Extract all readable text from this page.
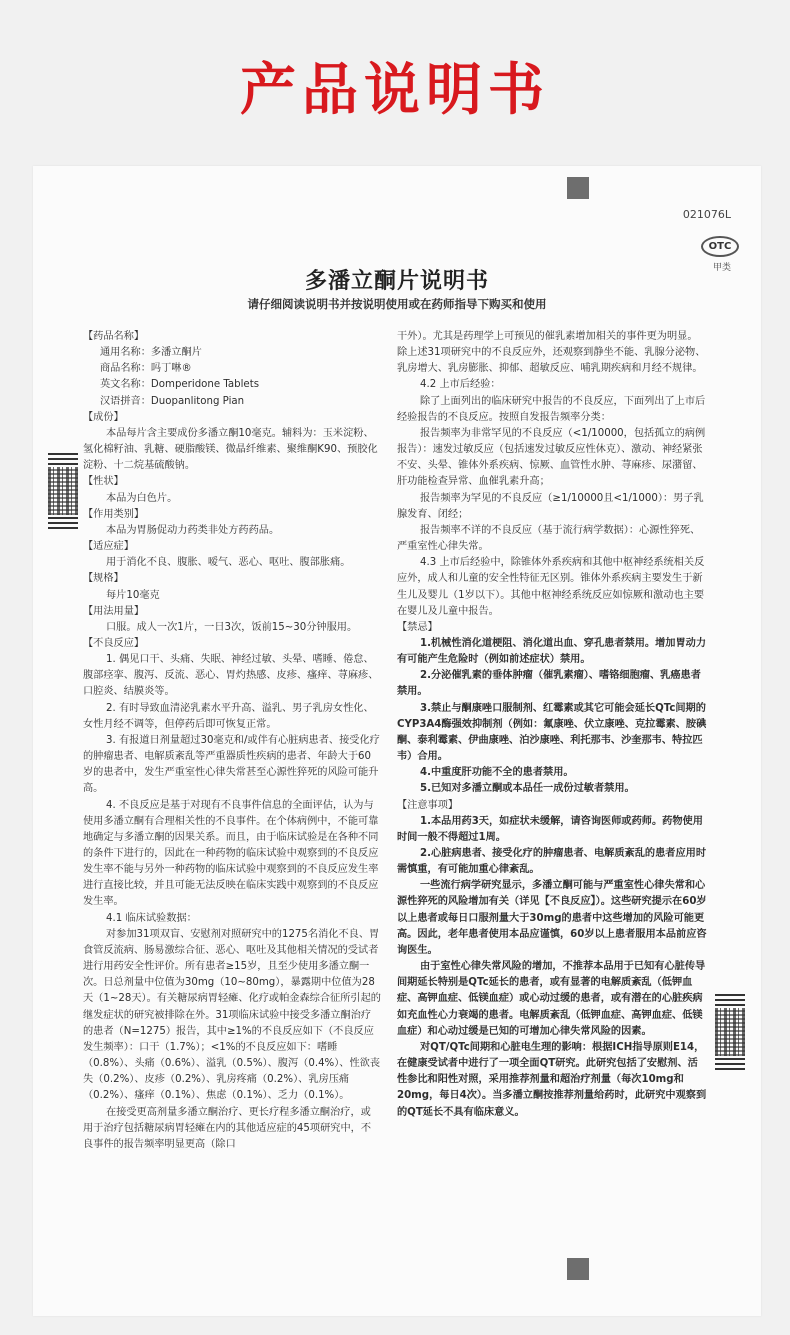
产品说明书
021076L
OTC
甲类
多潘立酮片说明书
请仔细阅读说明书并按说明使用或在药师指导下购买和使用

【药品名称】

通用名称：多潘立酮片

商品名称：吗丁啉®

英文名称：Domperidone Tablets

汉语拼音：Duopanlitong Pian

【成份】

本品每片含主要成份多潘立酮10毫克。辅料为：玉米淀粉、氢化棉籽油、乳糖、硬脂酸镁、微晶纤维素、聚维酮K90、预胶化淀粉、十二烷基硫酸钠。

【性状】

本品为白色片。

【作用类别】

本品为胃肠促动力药类非处方药药品。

【适应症】

用于消化不良、腹胀、嗳气、恶心、呕吐、腹部胀痛。

【规格】

每片10毫克

【用法用量】

口服。成人一次1片，一日3次，饭前15~30分钟服用。

【不良反应】

1. 偶见口干、头痛、失眠、神经过敏、头晕、嗜睡、倦怠、腹部痉挛、腹泻、反流、恶心、胃灼热感、皮疹、瘙痒、荨麻疹、口腔炎、结膜炎等。

2. 有时导致血清泌乳素水平升高、溢乳、男子乳房女性化、女性月经不调等，但停药后即可恢复正常。

3. 有报道日剂量超过30毫克和/或伴有心脏病患者、接受化疗的肿瘤患者、电解质紊乱等严重器质性疾病的患者、年龄大于60岁的患者中，发生严重室性心律失常甚至心源性猝死的风险可能升高。

4. 不良反应是基于对现有不良事件信息的全面评估，认为与使用多潘立酮有合理相关性的不良事件。在个体病例中，不能可靠地确定与多潘立酮的因果关系。而且，由于临床试验是在各种不同的条件下进行的，因此在一种药物的临床试验中观察到的不良反应发生率不能与另外一种药物的临床试验中观察到的不良反应发生率进行直接比较，并且可能无法反映在临床实践中观察到的不良反应发生率。

4.1 临床试验数据：

对参加31项双盲、安慰剂对照研究中的1275名消化不良、胃食管反流病、肠易激综合征、恶心、呕吐及其他相关情况的受试者进行用药安全性评价。所有患者≥15岁，且至少使用多潘立酮一次。日总剂量中位值为30mg（10~80mg），暴露期中位值为28天（1~28天）。有关糖尿病胃轻瘫、化疗或帕金森综合征所引起的继发症状的研究被排除在外。31项临床试验中接受多潘立酮治疗的患者（N=1275）报告，其中≥1%的不良反应如下（不良反应发生频率）：口干（1.7%）；<1%的不良反应如下：嗜睡（0.8%）、头痛（0.6%）、溢乳（0.5%）、腹泻（0.4%）、性欲丧失（0.2%）、皮疹（0.2%）、乳房疼痛（0.2%）、乳房压痛（0.2%）、瘙痒（0.1%）、焦虑（0.1%）、乏力（0.1%）。

在接受更高剂量多潘立酮治疗、更长疗程多潘立酮治疗，或用于治疗包括糖尿病胃轻瘫在内的其他适应症的45项研究中，不良事件的报告频率明显更高（除口

干外）。尤其是药理学上可预见的催乳素增加相关的事件更为明显。除上述31项研究中的不良反应外，还观察到静坐不能、乳腺分泌物、乳房增大、乳房膨胀、抑郁、超敏反应、哺乳期疾病和月经不规律。

4.2 上市后经验：

除了上面列出的临床研究中报告的不良反应，下面列出了上市后经验报告的不良反应。按照自发报告频率分类：

报告频率为非常罕见的不良反应（<1/10000，包括孤立的病例报告）：速发过敏反应（包括速发过敏反应性休克）、激动、神经紧张不安、头晕、锥体外系疾病、惊厥、血管性水肿、荨麻疹、尿潴留、肝功能检查异常、血催乳素升高；

报告频率为罕见的不良反应（≥1/10000且<1/1000）：男子乳腺发育、闭经；

报告频率不详的不良反应（基于流行病学数据）：心源性猝死、严重室性心律失常。

4.3 上市后经验中，除锥体外系疾病和其他中枢神经系统相关反应外，成人和儿童的安全性特征无区别。锥体外系疾病主要发生于新生儿及婴儿（1岁以下）。其他中枢神经系统反应如惊厥和激动也主要在婴儿及儿童中报告。

【禁忌】

1.机械性消化道梗阻、消化道出血、穿孔患者禁用。增加胃动力有可能产生危险时（例如前述症状）禁用。

2.分泌催乳素的垂体肿瘤（催乳素瘤）、嗜铬细胞瘤、乳癌患者禁用。

3.禁止与酮康唑口服制剂、红霉素或其它可能会延长QTc间期的CYP3A4酶强效抑制剂（例如：氟康唑、伏立康唑、克拉霉素、胺碘酮、泰利霉素、伊曲康唑、泊沙康唑、利托那韦、沙奎那韦、特拉匹韦）合用。

4.中重度肝功能不全的患者禁用。

5.已知对多潘立酮或本品任一成份过敏者禁用。

【注意事项】

1.本品用药3天，如症状未缓解，请咨询医师或药师。药物使用时间一般不得超过1周。

2.心脏病患者、接受化疗的肿瘤患者、电解质紊乱的患者应用时需慎重，有可能加重心律紊乱。

一些流行病学研究显示，多潘立酮可能与严重室性心律失常和心源性猝死的风险增加有关（详见【不良反应】）。这些研究提示在60岁以上患者或每日口服剂量大于30mg的患者中这些增加的风险可能更高。因此，老年患者使用本品应谨慎，60岁以上患者服用本品前应咨询医生。

由于室性心律失常风险的增加，不推荐本品用于已知有心脏传导间期延长特别是QTc延长的患者，或有显著的电解质紊乱（低钾血症、高钾血症、低镁血症）或心动过缓的患者，或有潜在的心脏疾病如充血性心力衰竭的患者。电解质紊乱（低钾血症、高钾血症、低镁血症）和心动过缓是已知的可增加心律失常风险的因素。

对QT/QTc间期和心脏电生理的影响：根据ICH指导原则E14，在健康受试者中进行了一项全面QT研究。此研究包括了安慰剂、活性参比和阳性对照，采用推荐剂量和超治疗剂量（每次10mg和20mg，每日4次）。当多潘立酮按推荐剂量给药时，此研究中观察到的QT延长不具有临床意义。
